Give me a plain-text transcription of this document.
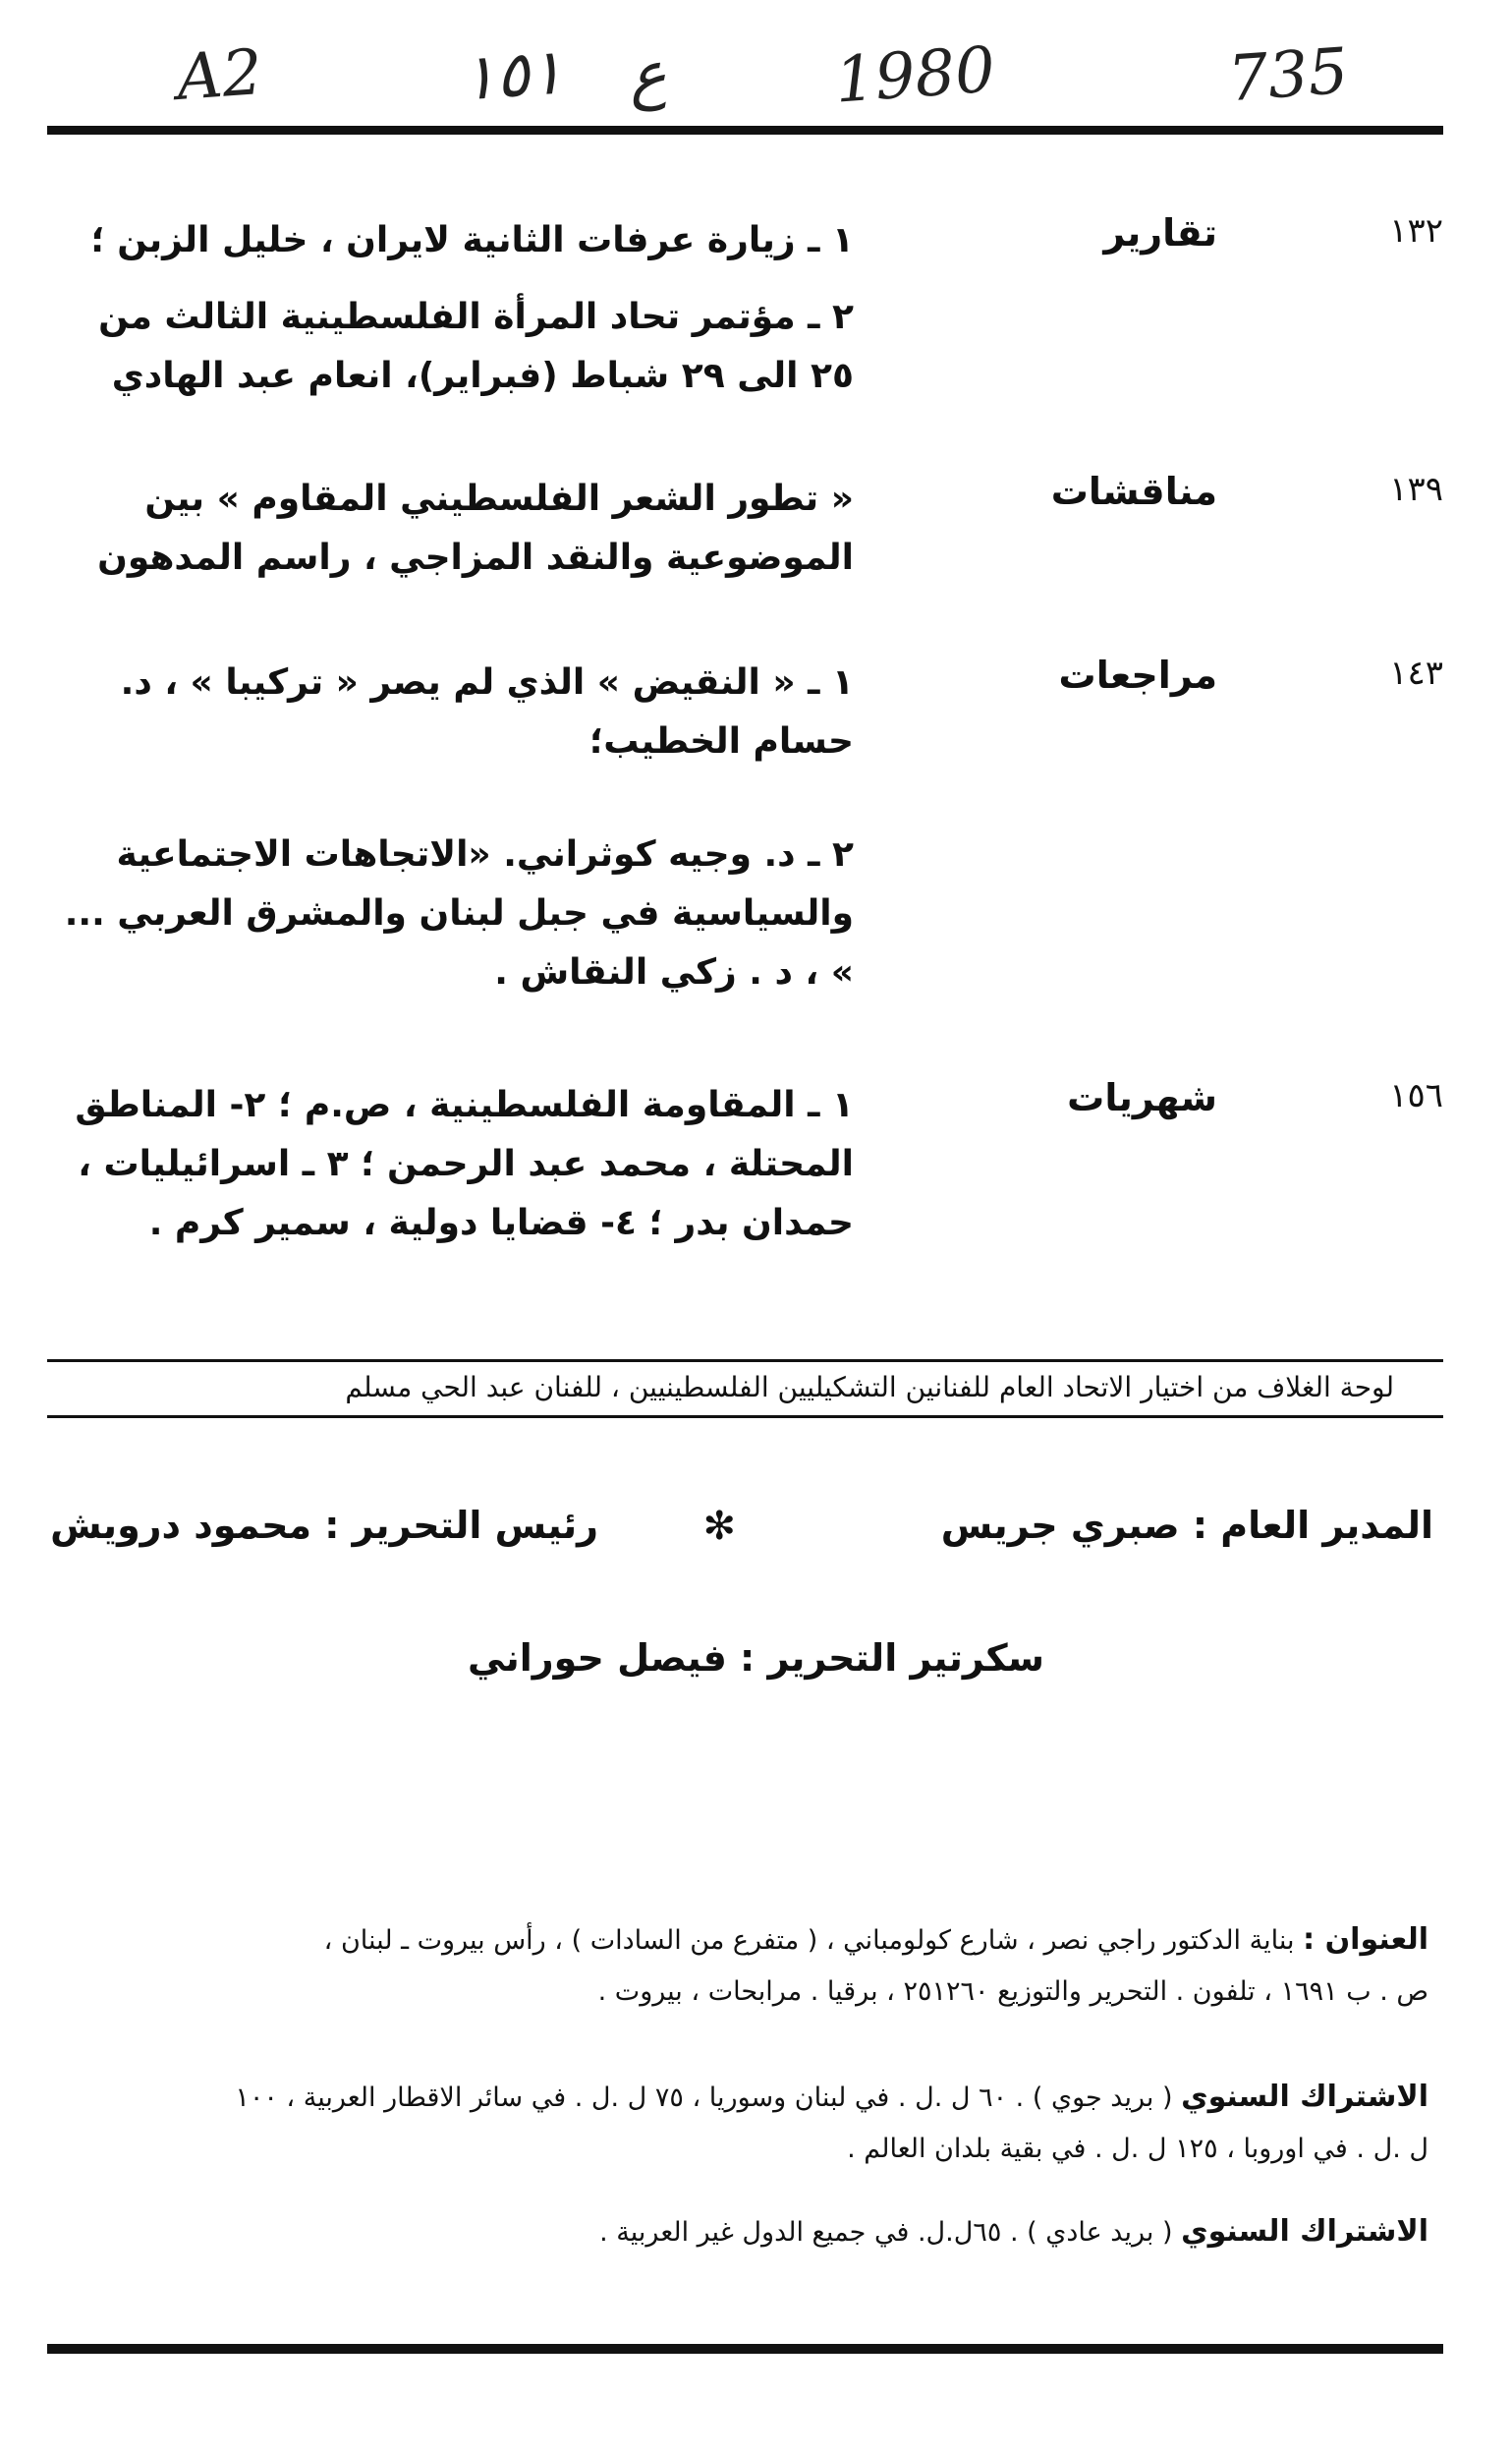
A2	١٥١ ع	1980	735
١٣٢
تقارير
١ ـ زيارة عرفات الثانية لايران ، خليل الزبن ؛
٢ ـ مؤتمر تحاد المرأة الفلسطينية الثالث من ٢٥ الى ٢٩ شباط (فبراير)، انعام عبد الهادي
١٣٩
مناقشات
« تطور الشعر الفلسطيني المقاوم » بين الموضوعية والنقد المزاجي ، راسم المدهون
١٤٣
مراجعات
١ ـ « النقيض » الذي لم يصر « تركيبا » ، د. حسام الخطيب؛
٢ ـ د. وجيه كوثراني. «الاتجاهات الاجتماعية والسياسية في جبل لبنان والمشرق العربي ... » ، د . زكي النقاش .
١٥٦
شهريات
١ ـ المقاومة الفلسطينية ، ص.م ؛ ٢- المناطق المحتلة ، محمد عبد الرحمن ؛ ٣ ـ اسرائيليات ، حمدان بدر ؛ ٤- قضايا دولية ، سمير كرم .
لوحة الغلاف من اختيار الاتحاد العام للفنانين التشكيليين الفلسطينيين ، للفنان عبد الحي مسلم
المدير العام : صبري جريس
✻
رئيس التحرير : محمود درويش
سكرتير التحرير : فيصل حوراني
العنوان : بناية الدكتور راجي نصر ، شارع كولومباني ، ( متفرع من السادات ) ، رأس بيروت ـ لبنان ،
ص . ب ١٦٩١ ، تلفون . التحرير والتوزيع ٢٥١٢٦٠ ، برقيا . مرابحات ، بيروت .
الاشتراك السنوي ( بريد جوي ) . ٦٠ ل .ل . في لبنان وسوريا ، ٧٥ ل .ل . في سائر الاقطار العربية ، ١٠٠
ل .ل . في اوروبا ، ١٢٥ ل .ل . في بقية بلدان العالم .
الاشتراك السنوي ( بريد عادي ) . ٦٥ل.ل. في جميع الدول غير العربية .
